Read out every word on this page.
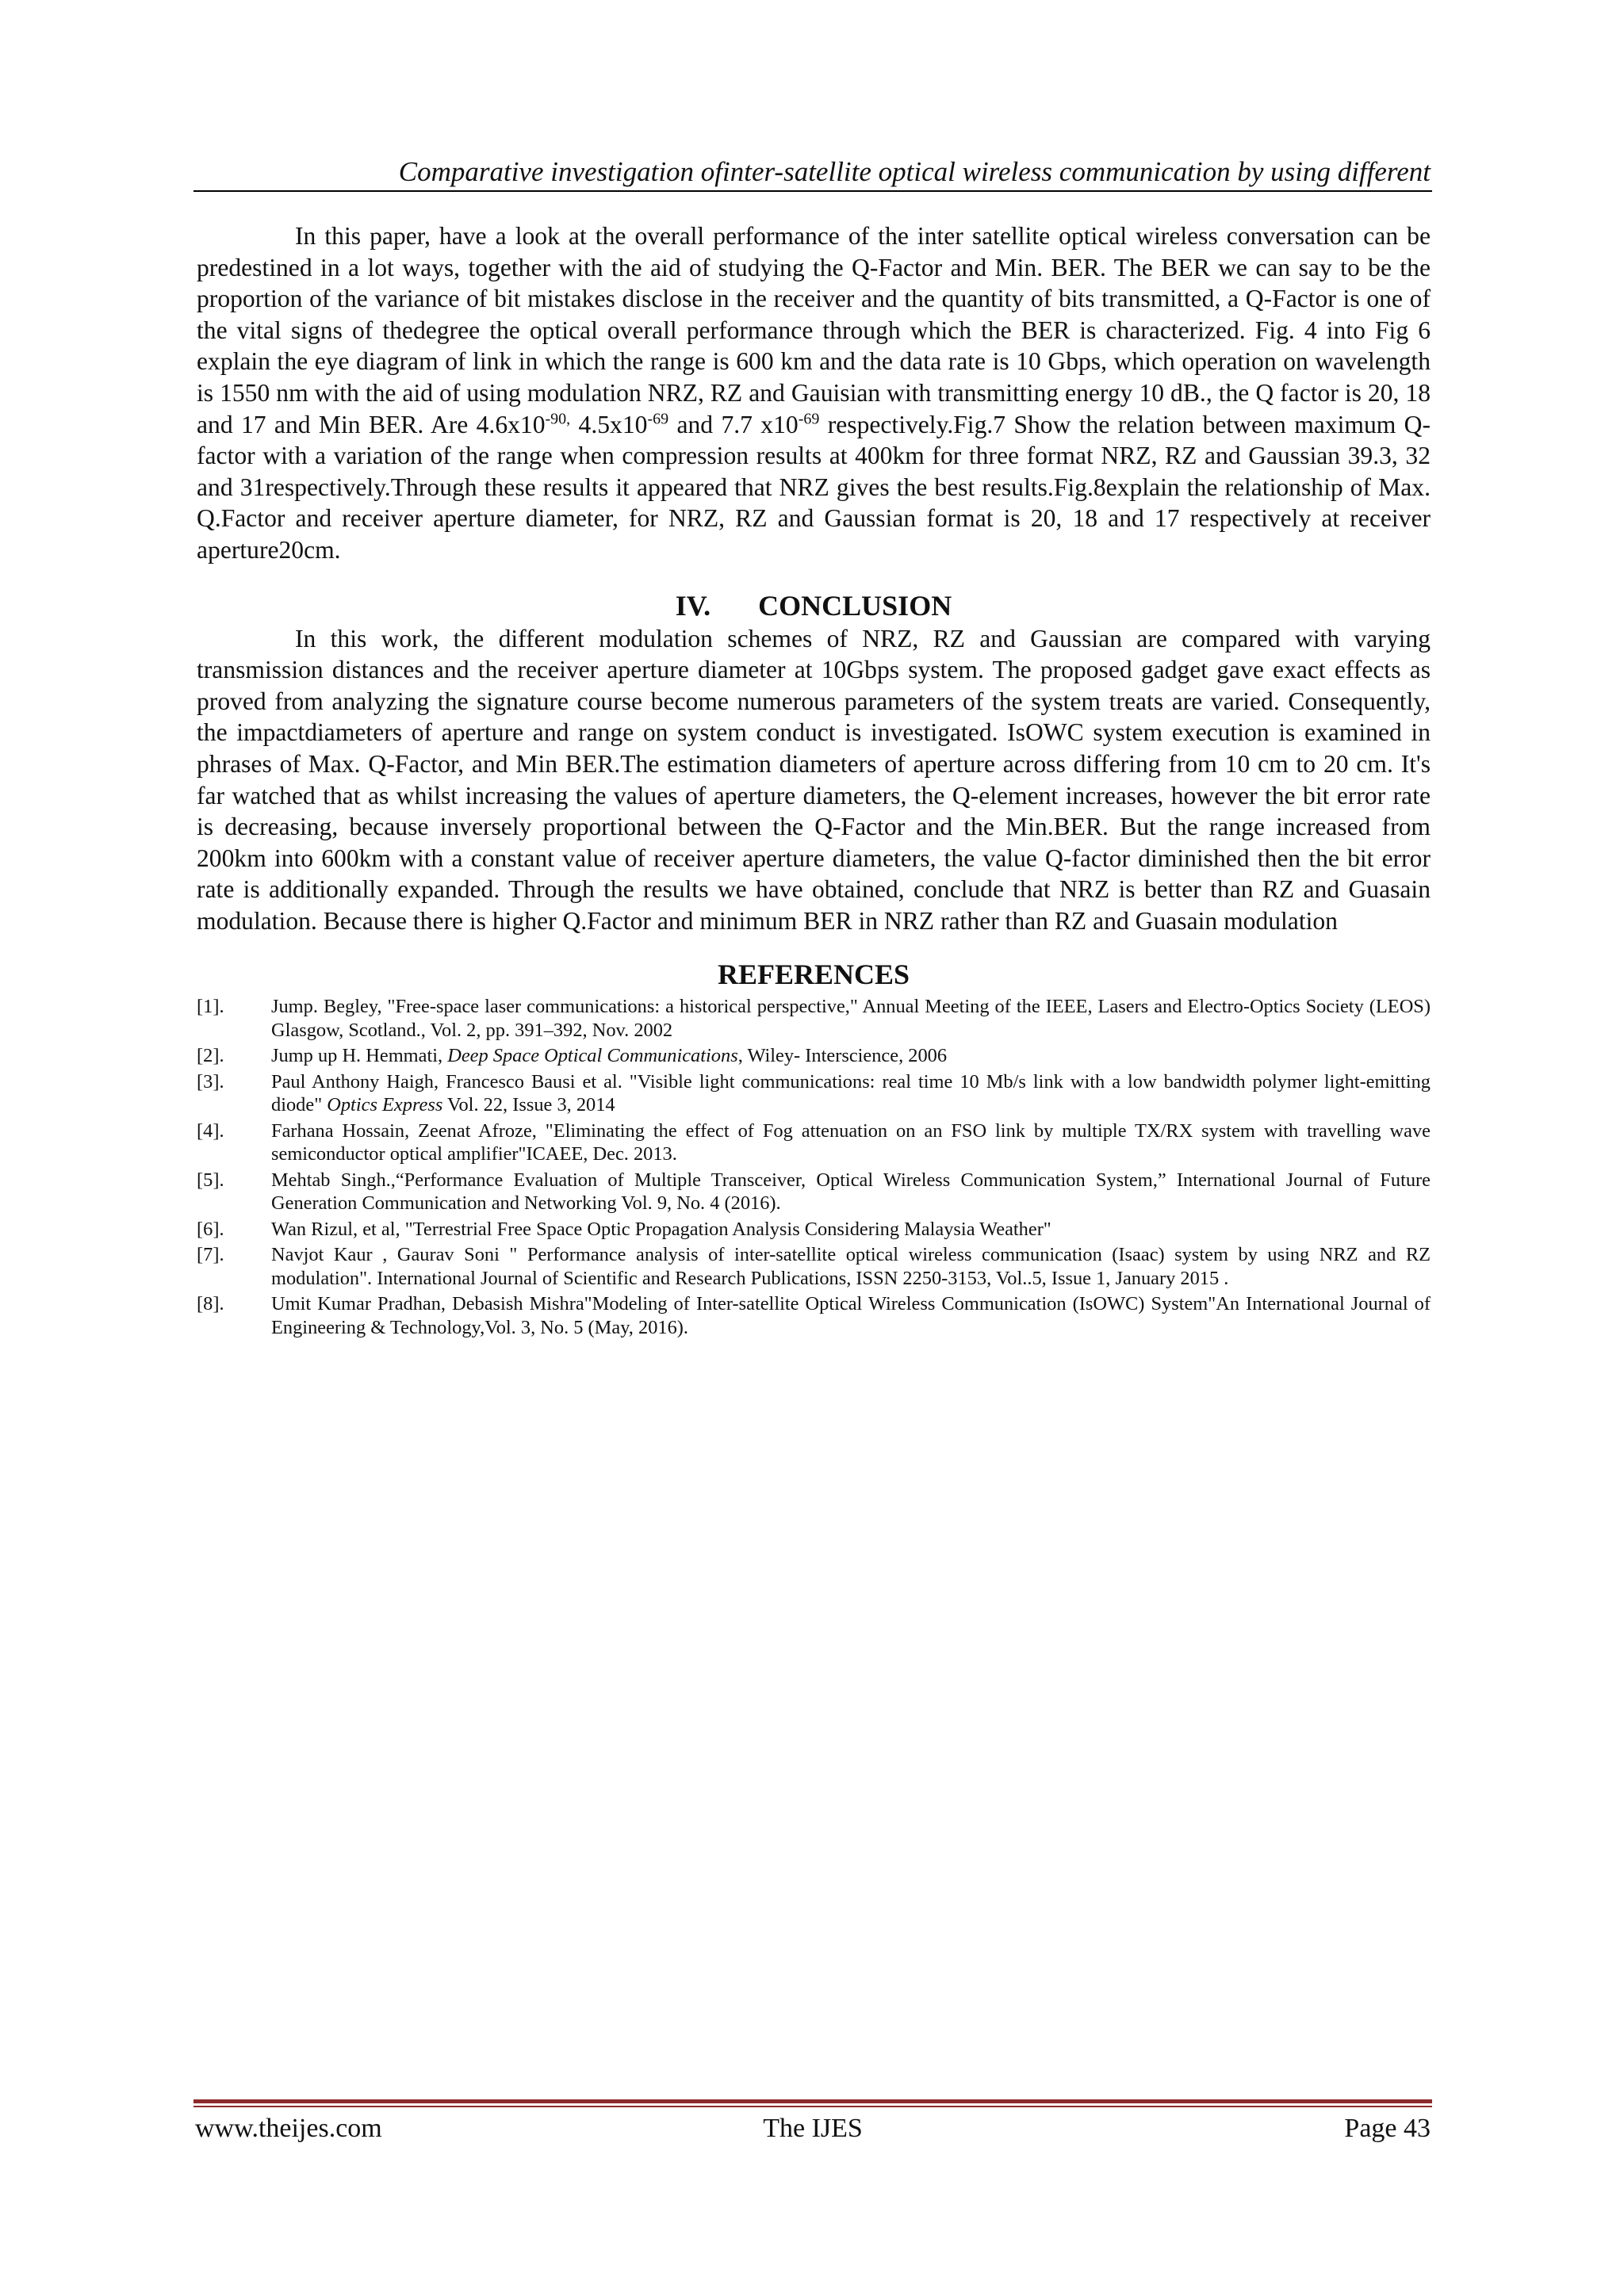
Comparative investigation ofinter-satellite optical wireless communication by using different

In this paper, have a look at the overall performance of the inter satellite optical wireless conversation can be predestined in a lot ways, together with the aid of studying the Q-Factor and Min. BER. The BER we can say to be the proportion of the variance of bit mistakes disclose in the receiver and the quantity of bits transmitted, a Q-Factor is one of the vital signs of thedegree the optical overall performance through which the BER is characterized. Fig. 4 into Fig 6 explain the eye diagram of link in which the range is 600 km and the data rate is 10 Gbps, which operation on wavelength is 1550 nm with the aid of using modulation NRZ, RZ and Gauisian with transmitting energy 10 dB., the Q factor is 20, 18 and 17 and Min BER. Are $4.6x10^{-90,}$ $4.5x10^{-69}$ and 7.7 $x10^{-69}$ respectively.Fig.7 Show the relation between maximum Q-factor with a variation of the range when compression results at 400km for three format NRZ, RZ and Gaussian 39.3, 32 and 31respectively.Through these results it appeared that NRZ gives the best results.Fig.8explain the relationship of Max. Q.Factor and receiver aperture diameter, for NRZ, RZ and Gaussian format is 20, 18 and 17 respectively at receiver aperture20cm.

IV. CONCLUSION

In this work, the different modulation schemes of NRZ, RZ and Gaussian are compared with varying transmission distances and the receiver aperture diameter at 10Gbps system. The proposed gadget gave exact effects as proved from analyzing the signature course become numerous parameters of the system treats are varied. Consequently, the impactdiameters of aperture and range on system conduct is investigated. IsOWC system execution is examined in phrases of Max. Q-Factor, and Min BER.The estimation diameters of aperture across differing from 10 cm to 20 cm. It's far watched that as whilst increasing the values of aperture diameters, the Q-element increases, however the bit error rate is decreasing, because inversely proportional between the Q-Factor and the Min.BER. But the range increased from 200km into 600km with a constant value of receiver aperture diameters, the value Q-factor diminished then the bit error rate is additionally expanded. Through the results we have obtained, conclude that NRZ is better than RZ and Guasain modulation. Because there is higher Q.Factor and minimum BER in NRZ rather than RZ and Guasain modulation

REFERENCES
[1].	Jump. Begley, "Free-space laser communications: a historical perspective," Annual Meeting of the IEEE, Lasers and Electro-Optics Society (LEOS) Glasgow, Scotland., Vol. 2, pp. 391–392, Nov. 2002
[2].	Jump up H. Hemmati, Deep Space Optical Communications, Wiley- Interscience, 2006
[3].	Paul Anthony Haigh, Francesco Bausi et al. "Visible light communications: real time 10 Mb/s link with a low bandwidth polymer light-emitting diode" Optics Express Vol. 22, Issue 3, 2014
[4].	Farhana Hossain, Zeenat Afroze, "Eliminating the effect of Fog attenuation on an FSO link by multiple TX/RX system with travelling wave semiconductor optical amplifier"ICAEE, Dec. 2013.
[5].	Mehtab Singh.,“Performance Evaluation of Multiple Transceiver, Optical Wireless Communication System,” International Journal of Future Generation Communication and Networking Vol. 9, No. 4 (2016).
[6].	Wan Rizul, et al, "Terrestrial Free Space Optic Propagation Analysis Considering Malaysia Weather"
[7].	Navjot Kaur , Gaurav Soni " Performance analysis of inter-satellite optical wireless communication (Isaac) system by using NRZ and RZ modulation". International Journal of Scientific and Research Publications, ISSN 2250-3153, Vol..5, Issue 1, January 2015 .
[8].	Umit Kumar Pradhan, Debasish Mishra"Modeling of Inter-satellite Optical Wireless Communication (IsOWC) System"An International Journal of Engineering & Technology,Vol. 3, No. 5 (May, 2016).
www.theijes.com	The IJES	Page 43
